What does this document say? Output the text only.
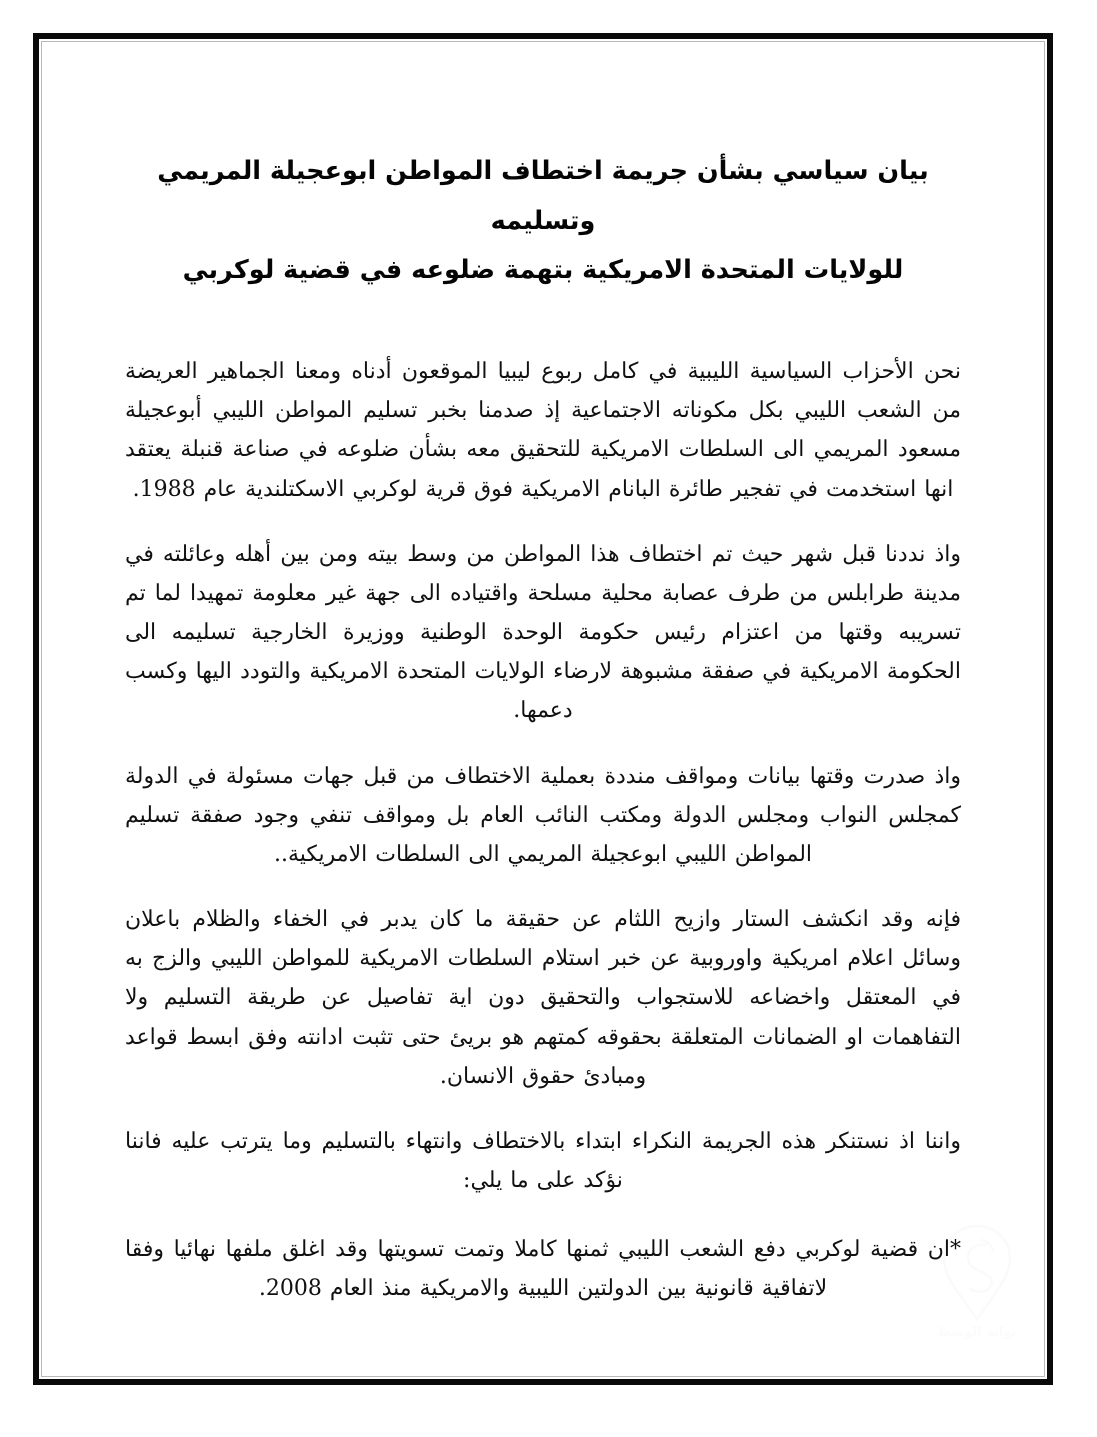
بيان سياسي بشأن جريمة اختطاف المواطن ابوعجيلة المريمي وتسليمه
للولايات المتحدة الامريكية بتهمة ضلوعه في قضية لوكربي

نحن الأحزاب السياسية الليبية في كامل ربوع ليبيا الموقعون أدناه ومعنا الجماهير العريضة من الشعب الليبي بكل مكوناته الاجتماعية إذ صدمنا بخبر تسليم المواطن الليبي أبوعجيلة مسعود المريمي الى السلطات الامريكية للتحقيق معه بشأن ضلوعه في صناعة قنبلة يعتقد انها استخدمت في تفجير طائرة البانام الامريكية فوق قرية لوكربي الاسكتلندية عام 1988.

واذ نددنا قبل شهر حيث تم اختطاف هذا المواطن من وسط بيته ومن بين أهله وعائلته في مدينة طرابلس من طرف عصابة محلية مسلحة واقتياده الى جهة غير معلومة تمهيدا لما تم تسريبه وقتها من اعتزام رئيس حكومة الوحدة الوطنية ووزيرة الخارجية تسليمه الى الحكومة الامريكية في صفقة مشبوهة لارضاء الولايات المتحدة الامريكية والتودد اليها وكسب دعمها.

واذ صدرت وقتها بيانات ومواقف منددة بعملية الاختطاف من قبل جهات مسئولة في الدولة كمجلس النواب ومجلس الدولة ومكتب النائب العام بل ومواقف تنفي وجود صفقة تسليم المواطن الليبي ابوعجيلة المريمي الى السلطات الامريكية..

فإنه وقد انكشف الستار وازيح اللثام عن حقيقة ما كان يدبر في الخفاء والظلام باعلان وسائل اعلام امريكية واوروبية عن خبر استلام السلطات الامريكية للمواطن الليبي والزج به في المعتقل واخضاعه للاستجواب والتحقيق دون اية تفاصيل عن طريقة التسليم ولا التفاهمات او الضمانات المتعلقة بحقوقه كمتهم هو بريئ حتى تثبت ادانته وفق ابسط قواعد ومبادئ حقوق الانسان.

واننا اذ نستنكر هذه الجريمة النكراء ابتداء بالاختطاف وانتهاء بالتسليم وما يترتب عليه فاننا نؤكد على ما يلي:

*ان قضية لوكربي دفع الشعب الليبي ثمنها كاملا وتمت تسويتها وقد اغلق ملفها نهائيا وفقا لاتفاقية قانونية بين الدولتين الليبية والامريكية منذ العام 2008.

بوابة الوسط
